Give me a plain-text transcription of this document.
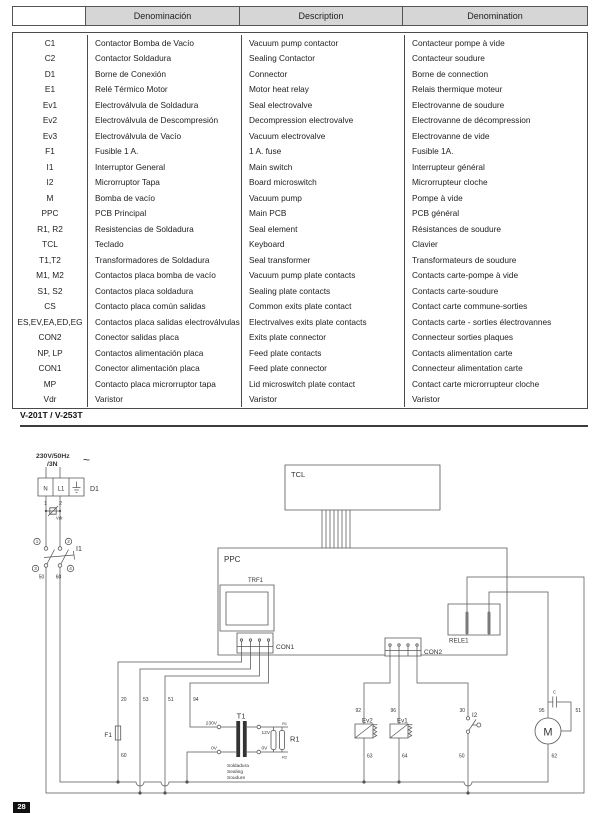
Denominación	Description	Denomination
C1	Contactor Bomba de Vacío	Vacuum pump contactor	Contacteur pompe à vide
C2	Contactor Soldadura	Sealing Contactor	Contacteur soudure
D1	Borne de Conexión	Connector	Borne de connection
E1	Relé Térmico Motor	Motor heat relay	Relais thermique moteur
Ev1	Electroválvula de Soldadura	Seal electrovalve	Electrovanne de soudure
Ev2	Electroválvula de Descompresión	Decompression electrovalve	Electrovanne de décompression
Ev3	Electroválvula de Vacío	Vacuum electrovalve	Electrovanne de vide
F1	Fusible 1 A.	1 A. fuse	Fusible 1A.
I1	Interruptor General	Main switch	Interrupteur général
I2	Microrruptor Tapa	Board microswitch	Microrrupteur cloche
M	Bomba de vacío	Vacuum pump	Pompe à vide
PPC	PCB Principal	Main PCB	PCB général
R1, R2	Resistencias de Soldadura	Seal element	Résistances de soudure
TCL	Teclado	Keyboard	Clavier
T1,T2	Transformadores de Soldadura	Seal transformer	Transformateurs de soudure
M1, M2	Contactos placa bomba de vacío	Vacuum pump plate contacts	Contacts carte-pompe à vide
S1, S2	Contactos placa soldadura	Sealing plate contacts	Contacts carte-soudure
CS	Contacto placa común salidas	Common exits plate contact	Contact carte commune-sorties
ES,EV,EA,ED,EG	Contactos placa salidas electroválvulas	Electrvalves exits plate contacts	Contacts carte - sorties électrovannes
CON2	Conector salidas placa	Exits plate connector	Connecteur sorties plaques
NP, LP	Contactos alimentación placa	Feed plate contacts	Contacts alimentation carte
CON1	Conector alimentación placa	Feed plate connector	Connecteur alimentation carte
MP	Contacto placa microrruptor tapa	Lid microswitch plate contact	Contact carte microrrupteur cloche
Vdr	Varistor	Varistor	Varistor
V-201T / V-253T
230V/50Hz
/3N ~
N L1	D1
1 2
Vdr
1	2
3	4
I1
50 60
TCL
PPC
TRF1
CON1
CON2
RELE1
20	53	51	94
F1
60
230V
0V
T1
12V
0V
R1
R2
R1
Soldadura
Sealing
Soudure
92	96	30
Ev2	Ev1
I2
63	64	50
95	51
C
M
62
28
